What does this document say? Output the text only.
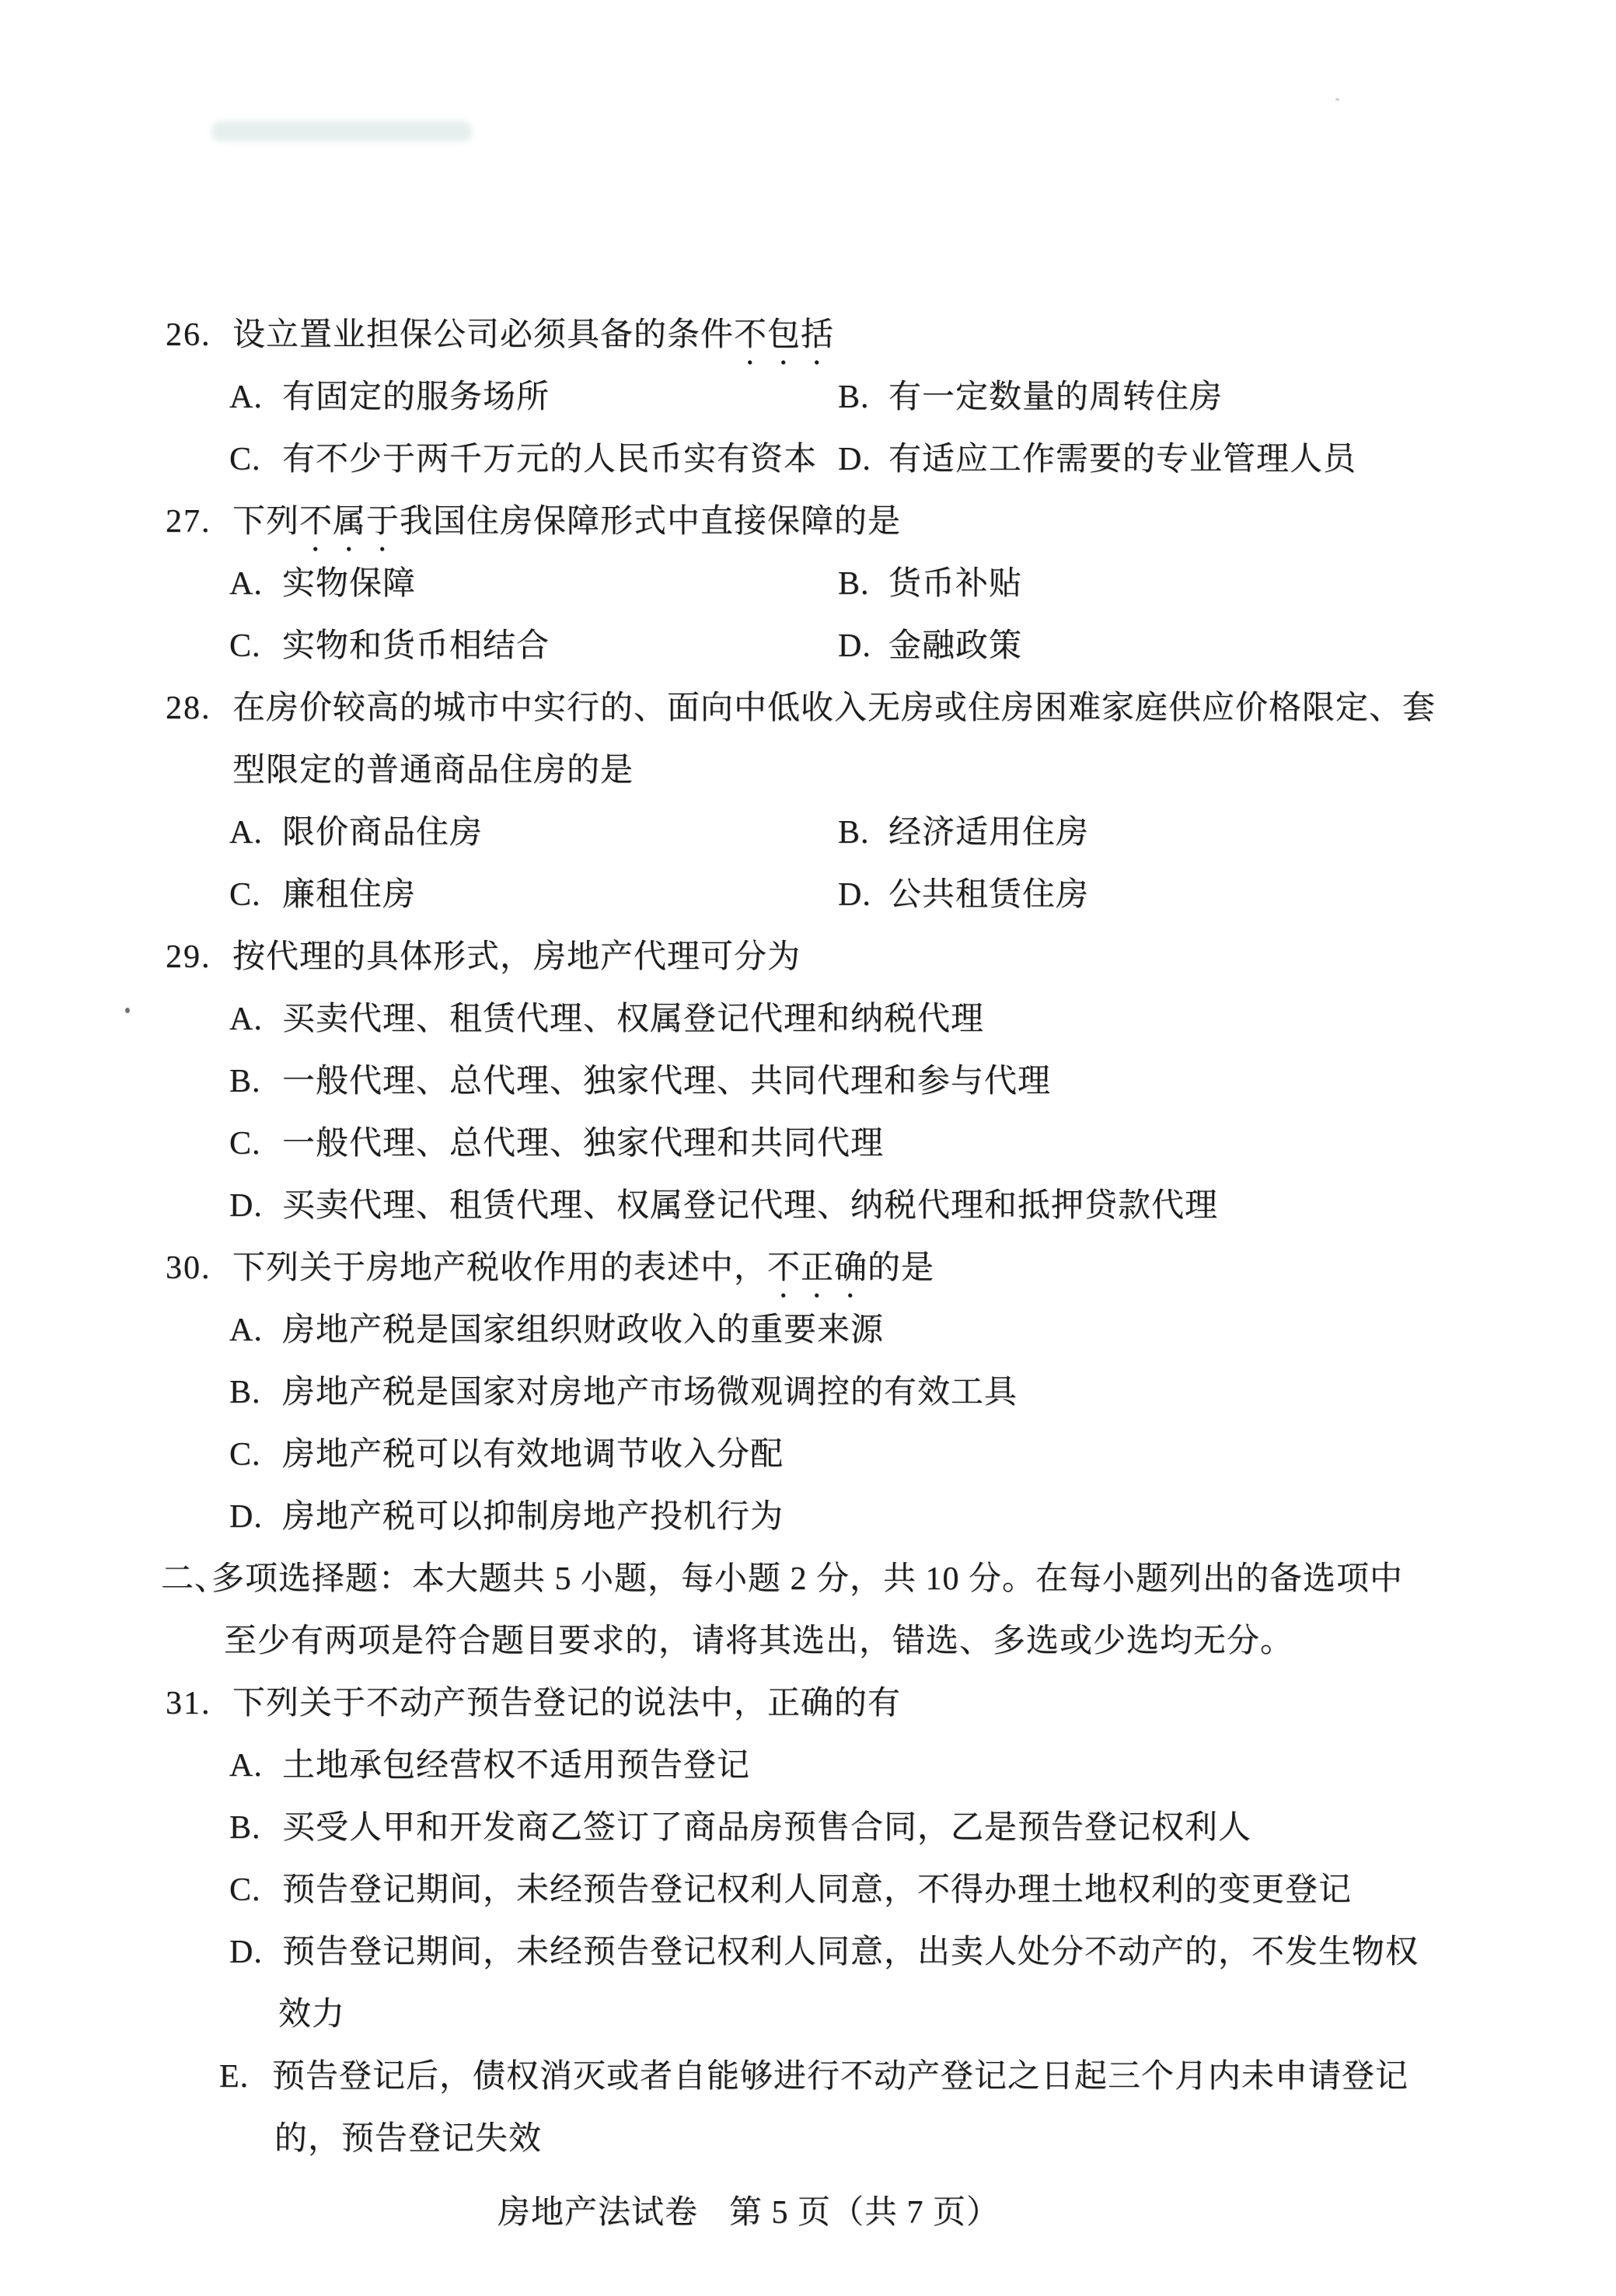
26. 设立置业担保公司必须具备的条件不包括
A. 有固定的服务场所	B. 有一定数量的周转住房
C. 有不少于两千万元的人民币实有资本 D. 有适应工作需要的专业管理人员
27. 下列不属于我国住房保障形式中直接保障的是
A. 实物保障	B. 货币补贴
C. 实物和货币相结合	D. 金融政策
28. 在房价较高的城市中实行的、面向中低收入无房或住房困难家庭供应价格限定、套
型限定的普通商品住房的是
A. 限价商品住房	B. 经济适用住房
C. 廉租住房	D. 公共租赁住房
29. 按代理的具体形式，房地产代理可分为
A. 买卖代理、租赁代理、权属登记代理和纳税代理
B. 一般代理、总代理、独家代理、共同代理和参与代理
C. 一般代理、总代理、独家代理和共同代理
D. 买卖代理、租赁代理、权属登记代理、纳税代理和抵押贷款代理
30. 下列关于房地产税收作用的表述中，不正确的是
A. 房地产税是国家组织财政收入的重要来源
B. 房地产税是国家对房地产市场微观调控的有效工具
C. 房地产税可以有效地调节收入分配
D. 房地产税可以抑制房地产投机行为
二、
多项选择题：本大题共 5 小题，每小题 2 分，共 10 分。在每小题列出的备选项中
至少有两项是符合题目要求的，请将其选出，错选、多选或少选均无分。
31. 下列关于不动产预告登记的说法中，正确的有
A. 土地承包经营权不适用预告登记
B. 买受人甲和开发商乙签订了商品房预售合同，乙是预告登记权利人
C. 预告登记期间，未经预告登记权利人同意，不得办理土地权利的变更登记
D. 预告登记期间，未经预告登记权利人同意，出卖人处分不动产的，不发生物权
效力
E. 预告登记后，债权消灭或者自能够进行不动产登记之日起三个月内未申请登记
的，预告登记失效
房地产法试卷 第 5 页（共 7 页）
